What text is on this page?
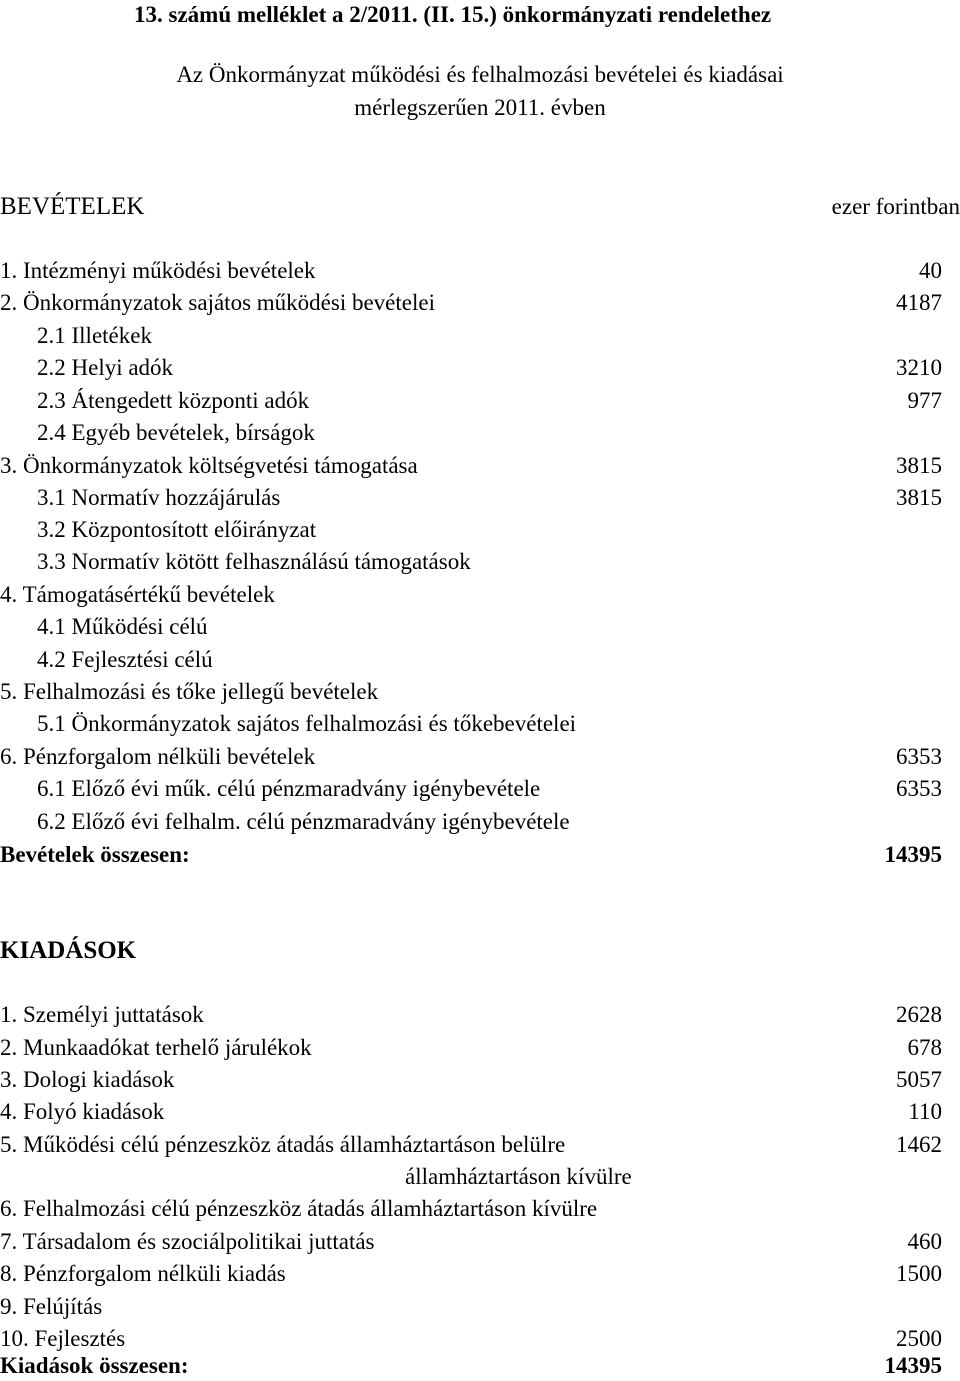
13. számú melléklet a 2/2011. (II. 15.) önkormányzati rendelethez
Az Önkormányzat működési és felhalmozási bevételei és kiadásai
mérlegszerűen 2011. évben
BEVÉTELEK	ezer forintban
1. Intézményi működési bevételek	40
2. Önkormányzatok sajátos működési bevételei	4187
2.1 Illetékek
2.2 Helyi adók	3210
2.3 Átengedett központi adók	977
2.4 Egyéb bevételek, bírságok
3. Önkormányzatok költségvetési támogatása	3815
3.1 Normatív hozzájárulás	3815
3.2 Központosított előirányzat
3.3 Normatív kötött felhasználású támogatások
4. Támogatásértékű bevételek
4.1 Működési célú
4.2 Fejlesztési célú
5. Felhalmozási és tőke jellegű bevételek
5.1 Önkormányzatok sajátos felhalmozási és tőkebevételei
6. Pénzforgalom nélküli bevételek	6353
6.1 Előző évi műk. célú pénzmaradvány igénybevétele	6353
6.2 Előző évi felhalm. célú pénzmaradvány igénybevétele
Bevételek összesen:	14395
KIADÁSOK
1. Személyi juttatások	2628
2. Munkaadókat terhelő járulékok	678
3. Dologi kiadások	5057
4. Folyó kiadások	110
5. Működési célú pénzeszköz átadás államháztartáson belülre	1462
államháztartáson kívülre
6. Felhalmozási célú pénzeszköz átadás államháztartáson kívülre
7. Társadalom és szociálpolitikai juttatás	460
8. Pénzforgalom nélküli kiadás	1500
9. Felújítás
10. Fejlesztés	2500
Kiadások összesen:	14395
